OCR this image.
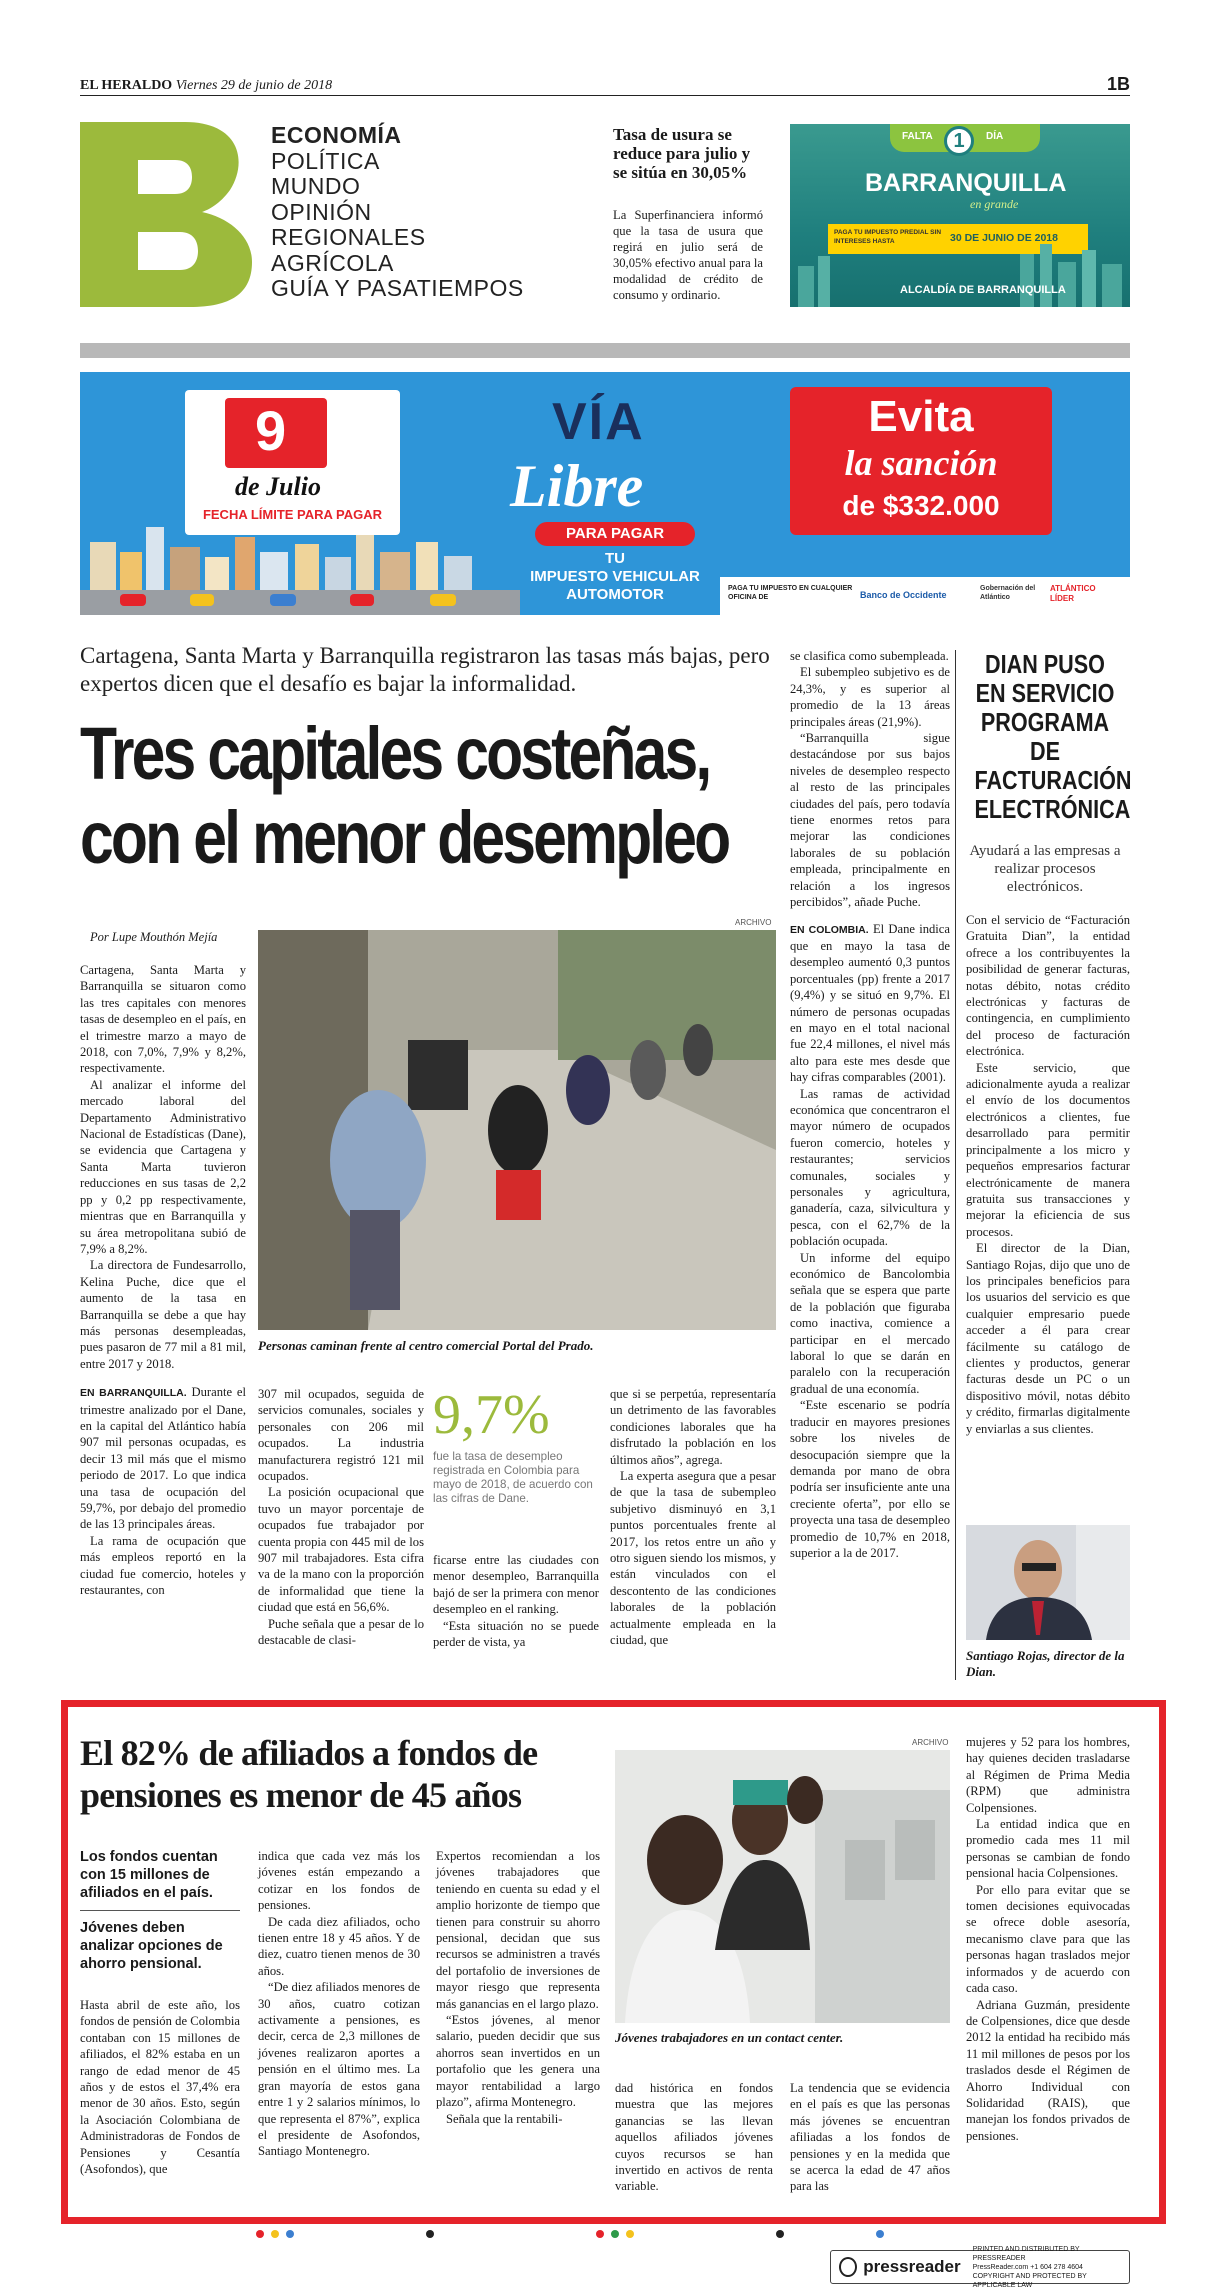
EL HERALDO Viernes 29 de junio de 2018	1B
ECONOMÍA
POLÍTICA
MUNDO
OPINIÓN
REGIONALES
AGRÍCOLA
GUÍA Y PASATIEMPOS
Tasa de usura se reduce para julio y se sitúa en 30,05%
La Superfinanciera informó que la tasa de usura que regirá en julio será de 30,05% efectivo anual para la modalidad de crédito de consumo y ordinario.
FALTA	1	DÍA
BARRANQUILLA
en grande
PAGA TU IMPUESTO PREDIAL SIN INTERESES HASTA	30 DE JUNIO DE 2018
ALCALDÍA DE BARRANQUILLA
9
de Julio
FECHA LÍMITE PARA PAGAR
VÍA
Libre
PARA PAGAR
TU
IMPUESTO VEHICULAR
AUTOMOTOR
Evita
la sanción
de $332.000
PAGA TU IMPUESTO EN CUALQUIER OFICINA DE	Banco de Occidente
Gobernación del Atlántico
ATLÁNTICO LÍDER
Cartagena, Santa Marta y Barranquilla registraron las tasas más bajas, pero expertos dicen que el desafío es bajar la informalidad.
Tres capitales costeñas,
con el menor desempleo
Por Lupe Mouthón Mejía

Cartagena, Santa Marta y Barranquilla se situaron como las tres capitales con menores tasas de desempleo en el país, en el trimestre marzo a mayo de 2018, con 7,0%, 7,9% y 8,2%, respectivamente.

Al analizar el informe del mercado laboral del Departamento Administrativo Nacional de Estadísticas (Dane), se evidencia que Cartagena y Santa Marta tuvieron reducciones en sus tasas de 2,2 pp y 0,2 pp respectivamente, mientras que en Barranquilla y su área metropolitana subió de 7,9% a 8,2%.

La directora de Fundesarrollo, Kelina Puche, dice que el aumento de la tasa en Barranquilla se debe a que hay más personas desempleadas, pues pasaron de 77 mil a 81 mil, entre 2017 y 2018.

EN BARRANQUILLA. Durante el trimestre analizado por el Dane, en la capital del Atlántico había 907 mil personas ocupadas, es decir 13 mil más que el mismo periodo de 2017. Lo que indica una tasa de ocupación del 59,7%, por debajo del promedio de las 13 principales áreas.

La rama de ocupación que más empleos reportó en la ciudad fue comercio, hoteles y restaurantes, con

ARCHIVO
Personas caminan frente al centro comercial Portal del Prado.

307 mil ocupados, seguida de servicios comunales, sociales y personales con 206 mil ocupados. La industria manufacturera registró 121 mil ocupados.

La posición ocupacional que tuvo un mayor porcentaje de ocupados fue trabajador por cuenta propia con 445 mil de los 907 mil trabajadores. Esta cifra va de la mano con la proporción de informalidad que tiene la ciudad que está en 56,6%.

Puche señala que a pesar de lo destacable de clasi-

9,7%
fue la tasa de desempleo registrada en Colombia para mayo de 2018, de acuerdo con las cifras de Dane.

ficarse entre las ciudades con menor desempleo, Barranquilla bajó de ser la primera con menor desempleo en el ranking.

“Esta situación no se puede perder de vista, ya

que si se perpetúa, representaría un detrimento de las favorables condiciones laborales que ha disfrutado la población en los últimos años”, agrega.

La experta asegura que a pesar de que la tasa de subempleo subjetivo disminuyó en 3,1 puntos porcentuales frente al 2017, los retos entre un año y otro siguen siendo los mismos, y están vinculados con el descontento de las condiciones laborales de la población actualmente empleada en la ciudad, que

se clasifica como subempleada.

El subempleo subjetivo es de 24,3%, y es superior al promedio de la 13 áreas principales áreas (21,9%).

“Barranquilla sigue destacándose por sus bajos niveles de desempleo respecto al resto de las principales ciudades del país, pero todavía tiene enormes retos para mejorar las condiciones laborales de su población empleada, principalmente en relación a los ingresos percibidos”, añade Puche.

EN COLOMBIA. El Dane indica que en mayo la tasa de desempleo aumentó 0,3 puntos porcentuales (pp) frente a 2017 (9,4%) y se situó en 9,7%. El número de personas ocupadas en mayo en el total nacional fue 22,4 millones, el nivel más alto para este mes desde que hay cifras comparables (2001).

Las ramas de actividad económica que concentraron el mayor número de ocupados fueron comercio, hoteles y restaurantes; servicios comunales, sociales y personales y agricultura, ganadería, caza, silvicultura y pesca, con el 62,7% de la población ocupada.

Un informe del equipo económico de Bancolombia señala que se espera que parte de la población que figuraba como inactiva, comience a participar en el mercado laboral lo que se darán en paralelo con la recuperación gradual de una economía.

“Este escenario se podría traducir en mayores presiones sobre los niveles de desocupación siempre que la demanda por mano de obra podría ser insuficiente ante una creciente oferta”, por ello se proyecta una tasa de desempleo promedio de 10,7% en 2018, superior a la de 2017.

DIAN PUSO EN SERVICIO PROGRAMA DE FACTURACIÓN ELECTRÓNICA
Ayudará a las empresas a realizar procesos electrónicos.

Con el servicio de “Facturación Gratuita Dian”, la entidad ofrece a los contribuyentes la posibilidad de generar facturas, notas débito, notas crédito electrónicas y facturas de contingencia, en cumplimiento del proceso de facturación electrónica.

Este servicio, que adicionalmente ayuda a realizar el envío de los documentos electrónicos a clientes, fue desarrollado para permitir principalmente a los micro y pequeños empresarios facturar electrónicamente de manera gratuita sus transacciones y mejorar la eficiencia de sus procesos.

El director de la Dian, Santiago Rojas, dijo que uno de los principales beneficios para los usuarios del servicio es que cualquier empresario puede acceder a él para crear fácilmente su catálogo de clientes y productos, generar facturas desde un PC o un dispositivo móvil, notas débito y crédito, firmarlas digitalmente y enviarlas a sus clientes.

Santiago Rojas, director de la Dian.
El 82% de afiliados a fondos de pensiones es menor de 45 años
Los fondos cuentan con 15 millones de afiliados en el país.
Jóvenes deben analizar opciones de ahorro pensional.

Hasta abril de este año, los fondos de pensión de Colombia contaban con 15 millones de afiliados, el 82% estaba en un rango de edad menor de 45 años y de estos el 37,4% era menor de 30 años. Esto, según la Asociación Colombiana de Administradoras de Fondos de Pensiones y Cesantía (Asofondos), que

indica que cada vez más los jóvenes están empezando a cotizar en los fondos de pensiones.

De cada diez afiliados, ocho tienen entre 18 y 45 años. Y de diez, cuatro tienen menos de 30 años.

“De diez afiliados menores de 30 años, cuatro cotizan activamente a pensiones, es decir, cerca de 2,3 millones de jóvenes realizaron aportes a pensión en el último mes. La gran mayoría de estos gana entre 1 y 2 salarios mínimos, lo que representa el 87%”, explica el presidente de Asofondos, Santiago Montenegro.

Expertos recomiendan a los jóvenes trabajadores que teniendo en cuenta su edad y el amplio horizonte de tiempo que tienen para construir su ahorro pensional, decidan que sus recursos se administren a través del portafolio de inversiones de mayor riesgo que representa más ganancias en el largo plazo.

“Estos jóvenes, al menor salario, pueden decidir que sus ahorros sean invertidos en un portafolio que les genera una mayor rentabilidad a largo plazo”, afirma Montenegro.

Señala que la rentabili-

ARCHIVO
Jóvenes trabajadores en un contact center.

dad histórica en fondos muestra que las mejores ganancias se las llevan aquellos afiliados jóvenes cuyos recursos se han invertido en activos de renta variable.

La tendencia que se evidencia en el país es que las personas más jóvenes se encuentran afiliadas a los fondos de pensiones y en la medida que se acerca la edad de 47 años para las

mujeres y 52 para los hombres, hay quienes deciden trasladarse al Régimen de Prima Media (RPM) que administra Colpensiones.

La entidad indica que en promedio cada mes 11 mil personas se cambian de fondo pensional hacia Colpensiones.

Por ello para evitar que se tomen decisiones equivocadas se ofrece doble asesoría, mecanismo clave para que las personas hagan traslados mejor informados y de acuerdo con cada caso.

Adriana Guzmán, presidente de Colpensiones, dice que desde 2012 la entidad ha recibido más 11 mil millones de pesos por los traslados desde el Régimen de Ahorro Individual con Solidaridad (RAIS), que manejan los fondos privados de pensiones.

pressreader
PRINTED AND DISTRIBUTED BY PRESSREADER
PressReader.com +1 604 278 4604
COPYRIGHT AND PROTECTED BY APPLICABLE LAW
